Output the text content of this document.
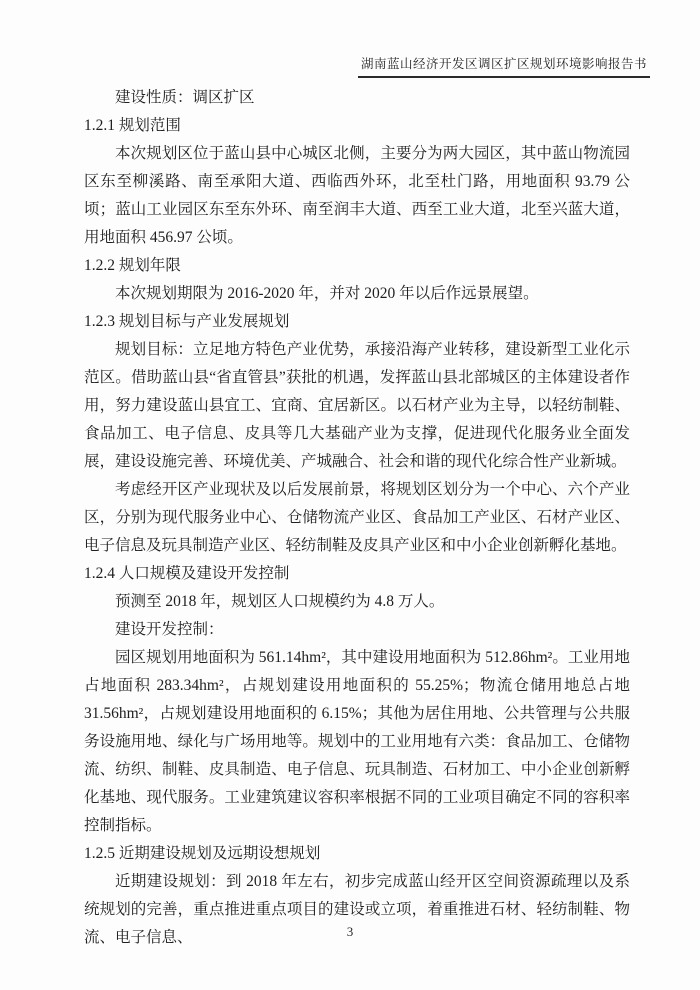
湖南蓝山经济开发区调区扩区规划环境影响报告书

建设性质：调区扩区

1.2.1 规划范围

本次规划区位于蓝山县中心城区北侧，主要分为两大园区，其中蓝山物流园区东至柳溪路、南至承阳大道、西临西外环，北至杜门路，用地面积 93.79 公顷；蓝山工业园区东至东外环、南至润丰大道、西至工业大道，北至兴蓝大道，用地面积 456.97 公顷。

1.2.2 规划年限

本次规划期限为 2016-2020 年，并对 2020 年以后作远景展望。

1.2.3 规划目标与产业发展规划

规划目标：立足地方特色产业优势，承接沿海产业转移，建设新型工业化示范区。借助蓝山县“省直管县”获批的机遇，发挥蓝山县北部城区的主体建设者作用，努力建设蓝山县宜工、宜商、宜居新区。以石材产业为主导，以轻纺制鞋、食品加工、电子信息、皮具等几大基础产业为支撑，促进现代化服务业全面发展，建设设施完善、环境优美、产城融合、社会和谐的现代化综合性产业新城。

考虑经开区产业现状及以后发展前景，将规划区划分为一个中心、六个产业区，分别为现代服务业中心、仓储物流产业区、食品加工产业区、石材产业区、电子信息及玩具制造产业区、轻纺制鞋及皮具产业区和中小企业创新孵化基地。

1.2.4 人口规模及建设开发控制

预测至 2018 年，规划区人口规模约为 4.8 万人。

建设开发控制：

园区规划用地面积为 561.14hm²，其中建设用地面积为 512.86hm²。工业用地占地面积 283.34hm²，占规划建设用地面积的 55.25%；物流仓储用地总占地 31.56hm²，占规划建设用地面积的 6.15%；其他为居住用地、公共管理与公共服务设施用地、绿化与广场用地等。规划中的工业用地有六类：食品加工、仓储物流、纺织、制鞋、皮具制造、电子信息、玩具制造、石材加工、中小企业创新孵化基地、现代服务。工业建筑建议容积率根据不同的工业项目确定不同的容积率控制指标。

1.2.5 近期建设规划及远期设想规划

近期建设规划：到 2018 年左右，初步完成蓝山经开区空间资源疏理以及系统规划的完善，重点推进重点项目的建设或立项，着重推进石材、轻纺制鞋、物流、电子信息、	3
